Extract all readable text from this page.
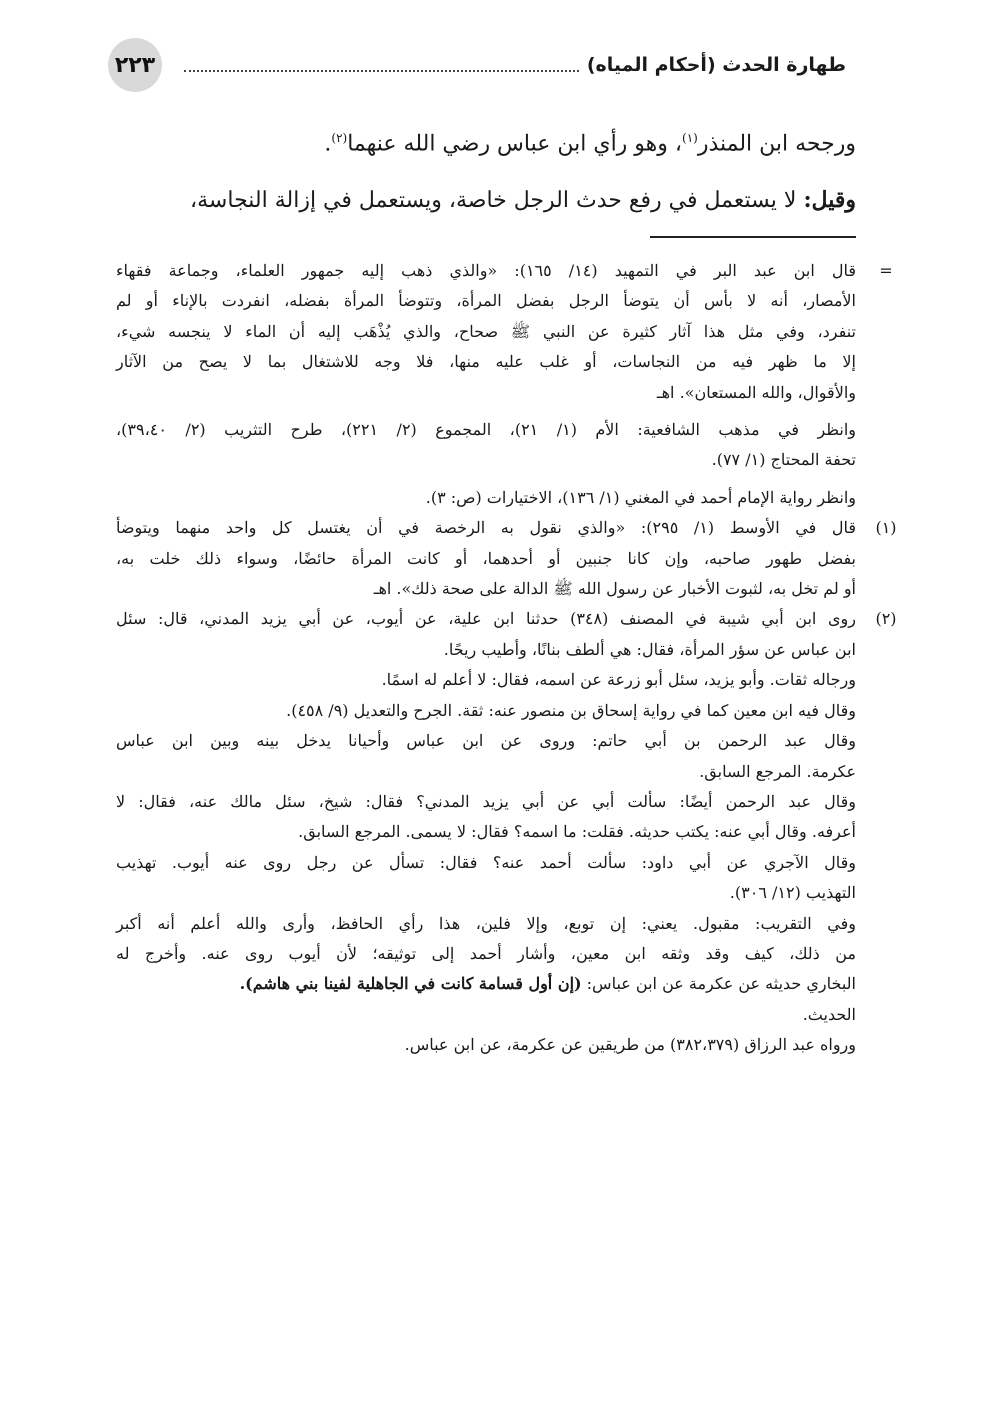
٢٢٣	طهارة الحدث (أحكام المياه)

ورجحه ابن المنذر$^{(١)}$، وهو رأي ابن عباس رضي الله عنهما$^{(٢)}$.

وقيل: لا يستعمل في رفع حدث الرجل خاصة، ويستعمل في إزالة النجاسة،

=

قال ابن عبد البر في التمهيد (١٤/ ١٦٥): «والذي ذهب إليه جمهور العلماء، وجماعة فقهاء

الأمصار، أنه لا بأس أن يتوضأ الرجل بفضل المرأة، وتتوضأ المرأة بفضله، انفردت بالإناء أو لم

تنفرد، وفي مثل هذا آثار كثيرة عن النبي ﷺ صحاح، والذي يُذْهَب إليه أن الماء لا ينجسه شيء،

إلا ما ظهر فيه من النجاسات، أو غلب عليه منها، فلا وجه للاشتغال بما لا يصح من الآثار

والأقوال، والله المستعان». اهـ

وانظر في مذهب الشافعية: الأم (١/ ٢١)، المجموع (٢/ ٢٢١)، طرح التثريب (٢/ ٣٩،٤٠)،

تحفة المحتاج (١/ ٧٧).

وانظر رواية الإمام أحمد في المغني (١/ ١٣٦)، الاختيارات (ص: ٣).

(١)

قال في الأوسط (١/ ٢٩٥): «والذي نقول به الرخصة في أن يغتسل كل واحد منهما ويتوضأ

بفضل طهور صاحبه، وإن كانا جنبين أو أحدهما، أو كانت المرأة حائضًا، وسواء ذلك خلت به،

أو لم تخل به، لثبوت الأخبار عن رسول الله ﷺ الدالة على صحة ذلك». اهـ

(٢)

روى ابن أبي شيبة في المصنف (٣٤٨) حدثنا ابن علية، عن أيوب، عن أبي يزيد المدني، قال: سئل

ابن عباس عن سؤر المرأة، فقال: هي ألطف بنانًا، وأطيب ريحًا.

ورجاله ثقات. وأبو يزيد، سئل أبو زرعة عن اسمه، فقال: لا أعلم له اسمًا.

وقال فيه ابن معين كما في رواية إسحاق بن منصور عنه: ثقة. الجرح والتعديل (٩/ ٤٥٨).

وقال عبد الرحمن بن أبي حاتم: وروى عن ابن عباس وأحيانا يدخل بينه وبين ابن عباس

عكرمة. المرجع السابق.

وقال عبد الرحمن أيضًا: سألت أبي عن أبي يزيد المدني؟ فقال: شيخ، سئل مالك عنه، فقال: لا

أعرفه. وقال أبي عنه: يكتب حديثه. فقلت: ما اسمه؟ فقال: لا يسمى. المرجع السابق.

وقال الآجري عن أبي داود: سألت أحمد عنه؟ فقال: تسأل عن رجل روى عنه أيوب. تهذيب

التهذيب (١٢/ ٣٠٦).

وفي التقريب: مقبول. يعني: إن توبع، وإلا فلين، هذا رأي الحافظ، وأرى والله أعلم أنه أكبر

من ذلك، كيف وقد وثقه ابن معين، وأشار أحمد إلى توثيقه؛ لأن أيوب روى عنه. وأخرج له

البخاري حديثه عن عكرمة عن ابن عباس: (إن أول قسامة كانت في الجاهلية لفينا بني هاشم).

الحديث.

ورواه عبد الرزاق (٣٨٢،٣٧٩) من طريقين عن عكرمة، عن ابن عباس.
